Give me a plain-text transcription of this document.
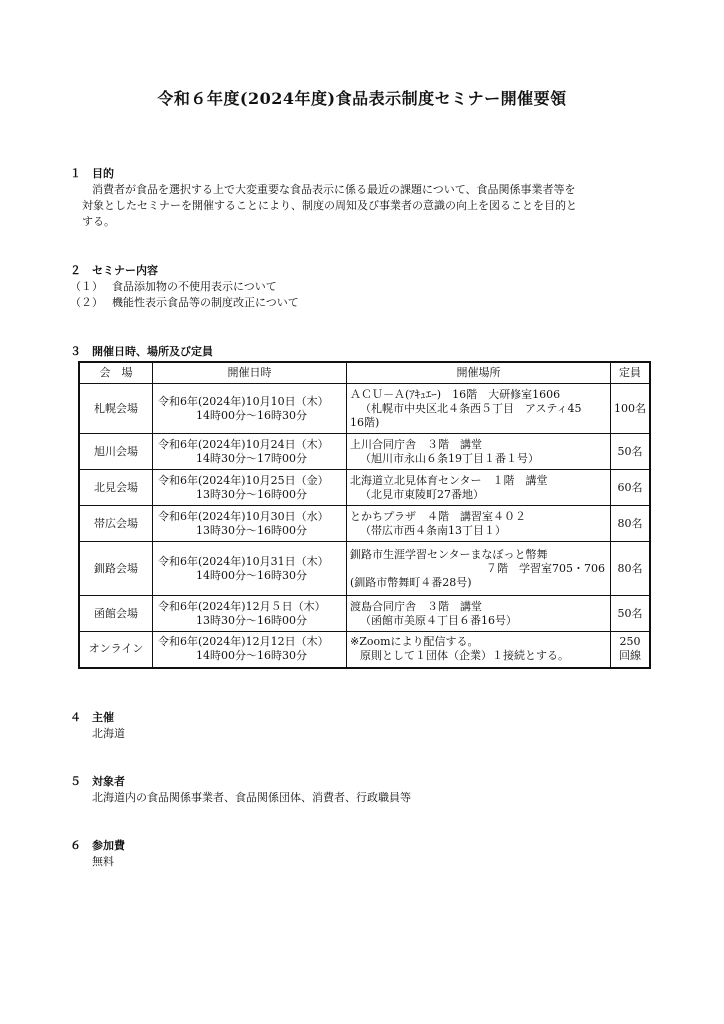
令和６年度(2024年度)食品表示制度セミナー開催要領
１ 目的
消費者が食品を選択する上で大変重要な食品表示に係る最近の課題について、食品関係事業者等を
対象としたセミナーを開催することにより、制度の周知及び事業者の意識の向上を図ることを目的と
する。
２ セミナー内容
（１） 食品添加物の不使用表示について
（２） 機能性表示食品等の制度改正について
３ 開催日時、場所及び定員
会　場	開催日時	開催場所	定員
札幌会場	令和6年(2024年)10月10日（木）
14時00分～16時30分	ＡＣＵ－Ａ(ｱｷｭｴｰ)　16階　大研修室1606
（札幌市中央区北４条西５丁目　アスティ45
16階)	100名
旭川会場	令和6年(2024年)10月24日（木）
14時30分～17時00分	上川合同庁舎　３階　講堂
（旭川市永山６条19丁目１番１号）	50名
北見会場	令和6年(2024年)10月25日（金）
13時30分～16時00分	北海道立北見体育センター　１階　講堂
（北見市東陵町27番地）	60名
帯広会場	令和6年(2024年)10月30日（水）
13時30分～16時00分	とかちプラザ　４階　講習室４０２
（帯広市西４条南13丁目１）	80名
釧路会場	令和6年(2024年)10月31日（木）
14時00分～16時30分	釧路市生涯学習センターまなぼっと幣舞
７階　学習室705・706
(釧路市幣舞町４番28号)	80名
函館会場	令和6年(2024年)12月５日（木）
13時30分～16時00分	渡島合同庁舎　３階　講堂
（函館市美原４丁目６番16号）	50名
オンライン	令和6年(2024年)12月12日（木）
14時00分～16時30分	※Zoomにより配信する。
原則として１団体（企業）１接続とする。	250
回線
４ 主催
北海道
５ 対象者
北海道内の食品関係事業者、食品関係団体、消費者、行政職員等
６ 参加費
無料
